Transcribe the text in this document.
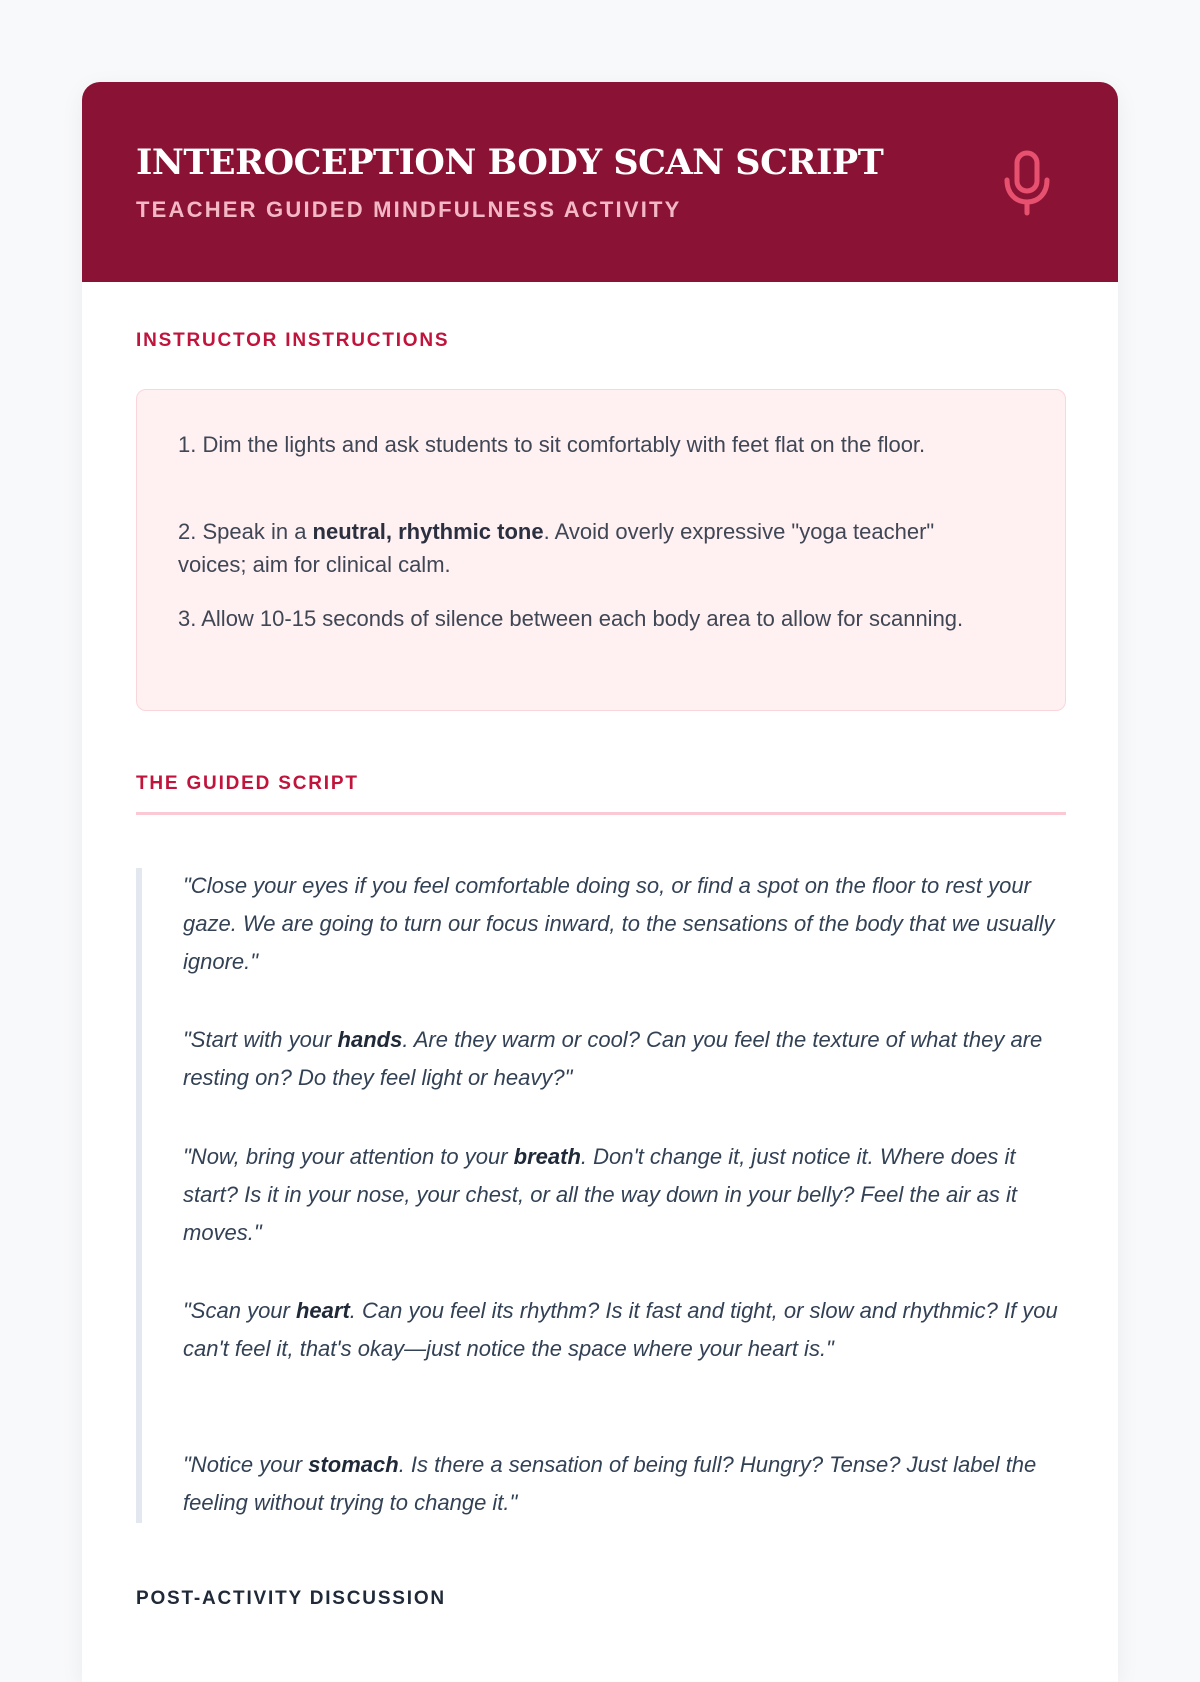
INTEROCEPTION BODY SCAN SCRIPT
TEACHER GUIDED MINDFULNESS ACTIVITY
INSTRUCTOR INSTRUCTIONS

1. Dim the lights and ask students to sit comfortably with feet flat on the floor.

2. Speak in a neutral, rhythmic tone. Avoid overly expressive "yoga teacher" voices; aim for clinical calm.

3. Allow 10-15 seconds of silence between each body area to allow for scanning.

THE GUIDED SCRIPT

"Close your eyes if you feel comfortable doing so, or find a spot on the floor to rest your gaze. We are going to turn our focus inward, to the sensations of the body that we usually ignore."

"Start with your hands. Are they warm or cool? Can you feel the texture of what they are resting on? Do they feel light or heavy?"

"Now, bring your attention to your breath. Don't change it, just notice it. Where does it start? Is it in your nose, your chest, or all the way down in your belly? Feel the air as it moves."

"Scan your heart. Can you feel its rhythm? Is it fast and tight, or slow and rhythmic? If you can't feel it, that's okay—just notice the space where your heart is."

"Notice your stomach. Is there a sensation of being full? Hungry? Tense? Just label the feeling without trying to change it."

POST-ACTIVITY DISCUSSION
